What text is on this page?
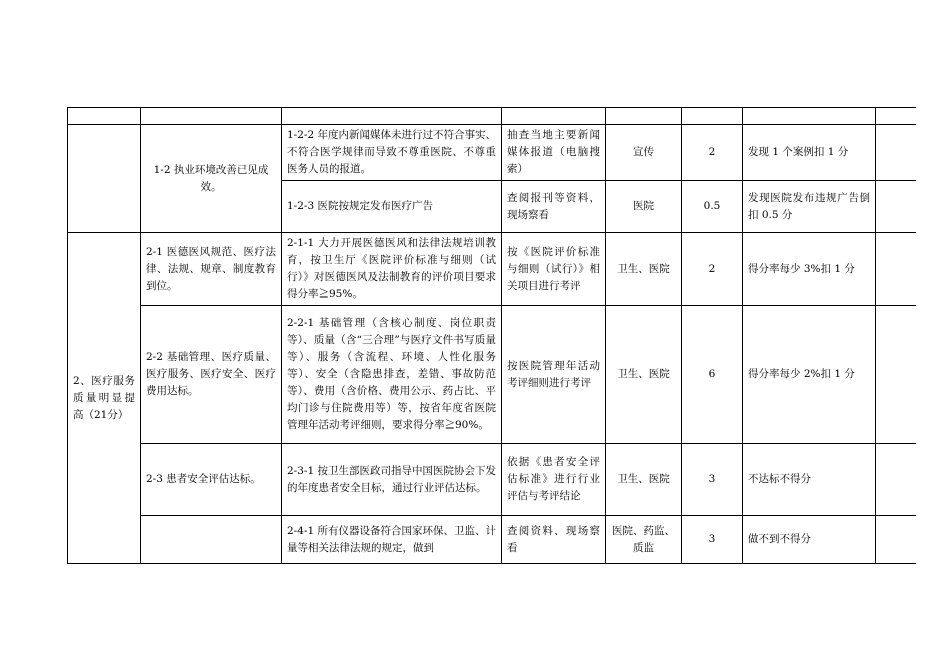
	1-2 执业环境改善已见成效。	1-2-2 年度内新闻媒体未进行过不符合事实、不符合医学规律而导致不尊重医院、不尊重医务人员的报道。	抽查当地主要新闻媒体报道（电脑搜索）	宣传	2	发现 1 个案例扣 1 分	
		1-2-3 医院按规定发布医疗广告	查阅报刊等资料，现场察看	医院	0.5	发现医院发布违规广告倒扣 0.5 分	
2、医疗服务质量明显提高（21分）	2-1 医德医风规范、医疗法律、法规、规章、制度教育到位。	2-1-1 大力开展医德医风和法律法规培训教育，按卫生厅《医院评价标准与细则（试行）》对医德医风及法制教育的评价项目要求得分率≧95%。	按《医院评价标准与细则（试行）》相关项目进行考评	卫生、医院	2	得分率每少 3%扣 1 分	
	2-2 基础管理、医疗质量、医疗服务、医疗安全、医疗费用达标。	2-2-1 基础管理（含核心制度、岗位职责等）、质量（含“三合理”与医疗文件书写质量等）、服务（含流程、环境、人性化服务等）、安全（含隐患排查，差错、事故防范等）、费用（含价格、费用公示、药占比、平均门诊与住院费用等）等，按省年度省医院管理年活动考评细则，要求得分率≧90%。	按医院管理年活动考评细则进行考评	卫生、医院	6	得分率每少 2%扣 1 分	
	2-3 患者安全评估达标。	2-3-1 按卫生部医政司指导中国医院协会下发的年度患者安全目标，通过行业评估达标。	依据《患者安全评估标准》进行行业评估与考评结论	卫生、医院	3	不达标不得分	
		2-4-1 所有仪器设备符合国家环保、卫监、计量等相关法律法规的规定，做到	查阅资料、现场察看	医院、药监、质监	3	做不到不得分	
